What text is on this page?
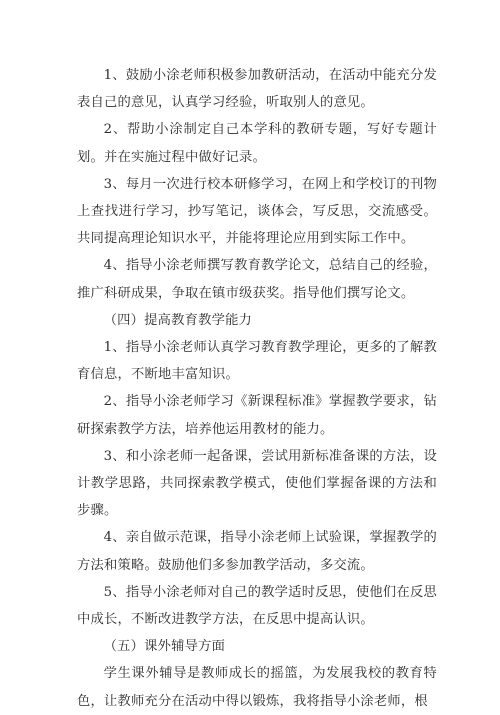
1、鼓励小涂老师积极参加教研活动，在活动中能充分发表自己的意见，认真学习经验，听取别人的意见。

2、帮助小涂制定自己本学科的教研专题，写好专题计划。并在实施过程中做好记录。

3、每月一次进行校本研修学习，在网上和学校订的刊物上查找进行学习，抄写笔记，谈体会，写反思，交流感受。共同提高理论知识水平，并能将理论应用到实际工作中。

4、指导小涂老师撰写教育教学论文，总结自己的经验，推广科研成果，争取在镇市级获奖。指导他们撰写论文。

（四）提高教育教学能力

1、指导小涂老师认真学习教育教学理论，更多的了解教育信息，不断地丰富知识。

2、指导小涂老师学习《新课程标准》掌握教学要求，钻研探索教学方法，培养他运用教材的能力。

3、和小涂老师一起备课，尝试用新标准备课的方法，设计教学思路，共同探索教学模式，使他们掌握备课的方法和步骤。

4、亲自做示范课，指导小涂老师上试验课，掌握教学的方法和策略。鼓励他们多参加教学活动，多交流。

5、指导小涂老师对自己的教学适时反思，使他们在反思中成长，不断改进教学方法，在反思中提高认识。

（五）课外辅导方面

学生课外辅导是教师成长的摇篮，为发展我校的教育特色，让教师充分在活动中得以锻炼，我将指导小涂老师，根
